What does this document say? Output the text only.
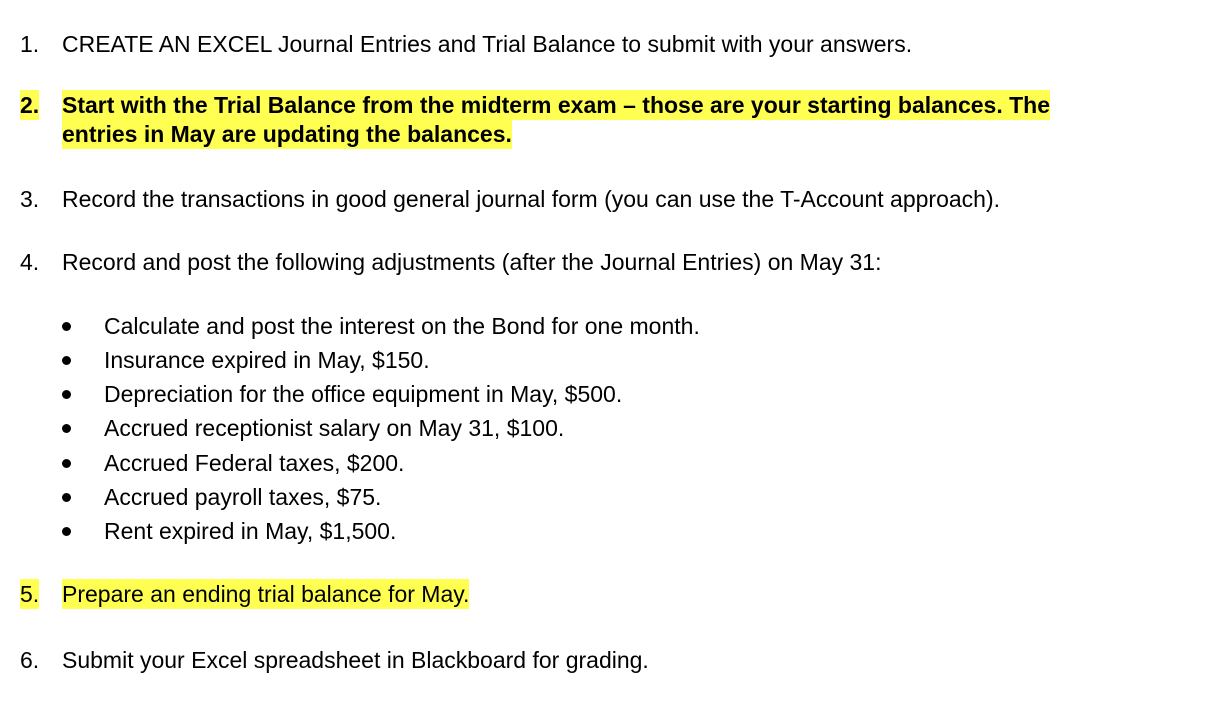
1. CREATE AN EXCEL Journal Entries and Trial Balance to submit with your answers.
2. Start with the Trial Balance from the midterm exam – those are your starting balances. The
entries in May are updating the balances.
3. Record the transactions in good general journal form (you can use the T-Account approach).
4. Record and post the following adjustments (after the Journal Entries) on May 31:
Calculate and post the interest on the Bond for one month.
Insurance expired in May, $150.
Depreciation for the office equipment in May, $500.
Accrued receptionist salary on May 31, $100.
Accrued Federal taxes, $200.
Accrued payroll taxes, $75.
Rent expired in May, $1,500.
5. Prepare an ending trial balance for May.
6. Submit your Excel spreadsheet in Blackboard for grading.
